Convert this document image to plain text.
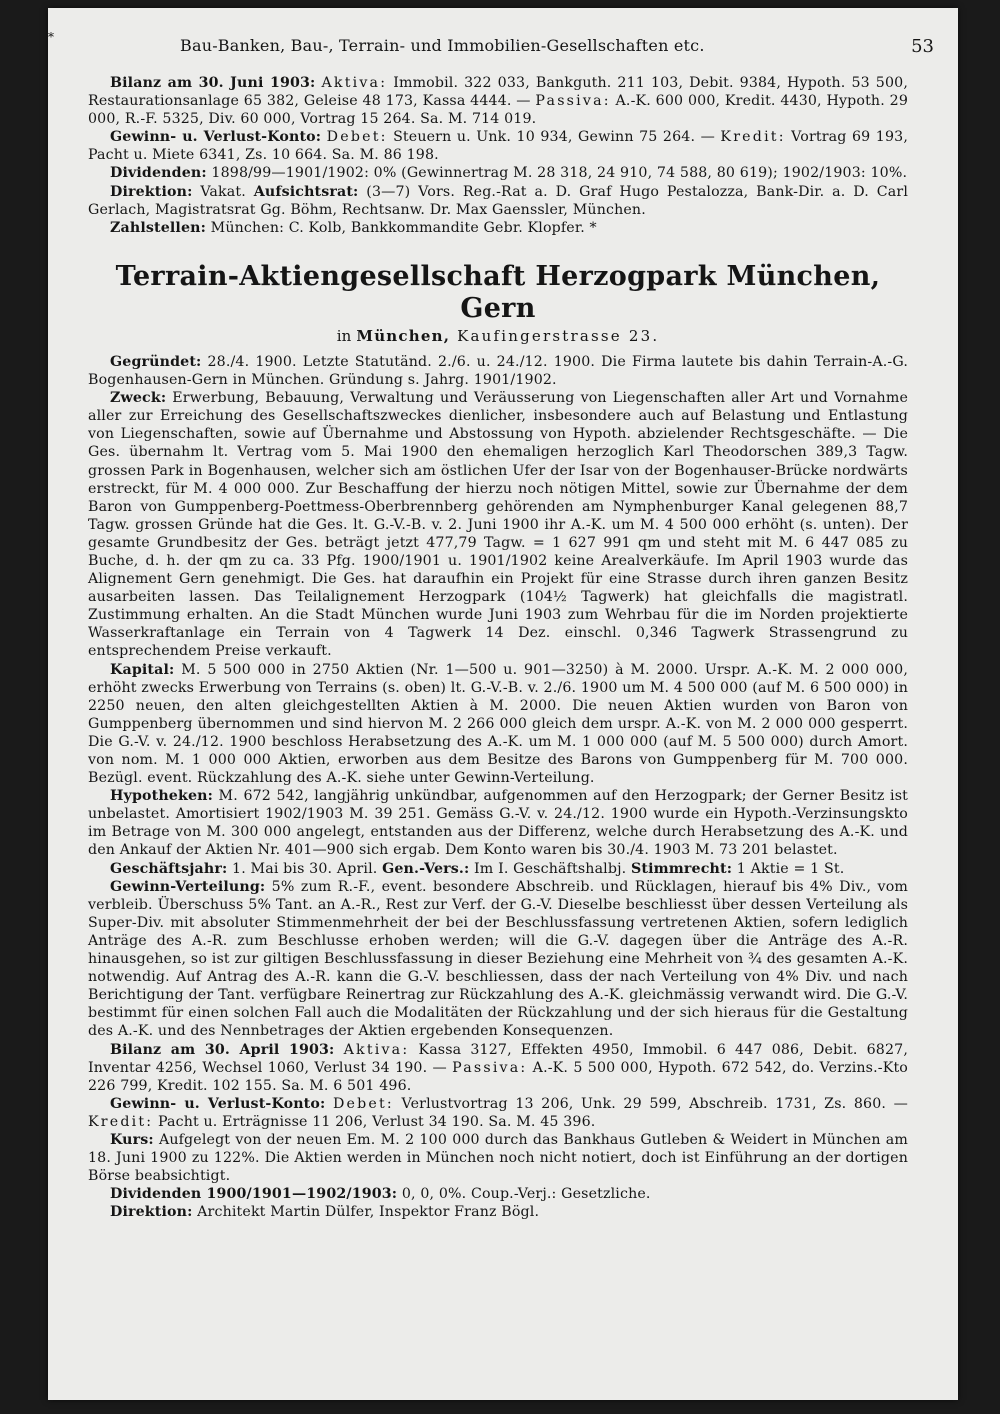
*	Bau-Banken, Bau-, Terrain- und Immobilien-Gesellschaften etc.	53

Bilanz am 30. Juni 1903: Aktiva: Immobil. 322 033, Bankguth. 211 103, Debit. 9384, Hypoth. 53 500, Restaurationsanlage 65 382, Geleise 48 173, Kassa 4444. — Passiva: A.-K. 600 000, Kredit. 4430, Hypoth. 29 000, R.-F. 5325, Div. 60 000, Vortrag 15 264. Sa. M. 714 019.

Gewinn- u. Verlust-Konto: Debet: Steuern u. Unk. 10 934, Gewinn 75 264. — Kredit: Vortrag 69 193, Pacht u. Miete 6341, Zs. 10 664. Sa. M. 86 198.

Dividenden: 1898/99—1901/1902: 0% (Gewinnertrag M. 28 318, 24 910, 74 588, 80 619); 1902/1903: 10%.

Direktion: Vakat. Aufsichtsrat: (3—7) Vors. Reg.-Rat a. D. Graf Hugo Pestalozza, Bank-Dir. a. D. Carl Gerlach, Magistratsrat Gg. Böhm, Rechtsanw. Dr. Max Gaenssler, München.

Zahlstellen: München: C. Kolb, Bankkommandite Gebr. Klopfer. *

Terrain-Aktiengesellschaft Herzogpark München, Gern
in München, Kaufingerstrasse 23.

Gegründet: 28./4. 1900. Letzte Statutänd. 2./6. u. 24./12. 1900. Die Firma lautete bis dahin Terrain-A.-G. Bogenhausen-Gern in München. Gründung s. Jahrg. 1901/1902.

Zweck: Erwerbung, Bebauung, Verwaltung und Veräusserung von Liegenschaften aller Art und Vornahme aller zur Erreichung des Gesellschaftszweckes dienlicher, insbesondere auch auf Belastung und Entlastung von Liegenschaften, sowie auf Übernahme und Abstossung von Hypoth. abzielender Rechtsgeschäfte. — Die Ges. übernahm lt. Vertrag vom 5. Mai 1900 den ehemaligen herzoglich Karl Theodorschen 389,3 Tagw. grossen Park in Bogenhausen, welcher sich am östlichen Ufer der Isar von der Bogenhauser-Brücke nordwärts erstreckt, für M. 4 000 000. Zur Beschaffung der hierzu noch nötigen Mittel, sowie zur Übernahme der dem Baron von Gumppenberg-Poettmess-Oberbrennberg gehörenden am Nymphenburger Kanal gelegenen 88,7 Tagw. grossen Gründe hat die Ges. lt. G.-V.-B. v. 2. Juni 1900 ihr A.-K. um M. 4 500 000 erhöht (s. unten). Der gesamte Grundbesitz der Ges. beträgt jetzt 477,79 Tagw. = 1 627 991 qm und steht mit M. 6 447 085 zu Buche, d. h. der qm zu ca. 33 Pfg. 1900/1901 u. 1901/1902 keine Arealverkäufe. Im April 1903 wurde das Alignement Gern genehmigt. Die Ges. hat daraufhin ein Projekt für eine Strasse durch ihren ganzen Besitz ausarbeiten lassen. Das Teilalignement Herzogpark (104½ Tagwerk) hat gleichfalls die magistratl. Zustimmung erhalten. An die Stadt München wurde Juni 1903 zum Wehrbau für die im Norden projektierte Wasserkraftanlage ein Terrain von 4 Tagwerk 14 Dez. einschl. 0,346 Tagwerk Strassengrund zu entsprechendem Preise verkauft.

Kapital: M. 5 500 000 in 2750 Aktien (Nr. 1—500 u. 901—3250) à M. 2000. Urspr. A.-K. M. 2 000 000, erhöht zwecks Erwerbung von Terrains (s. oben) lt. G.-V.-B. v. 2./6. 1900 um M. 4 500 000 (auf M. 6 500 000) in 2250 neuen, den alten gleichgestellten Aktien à M. 2000. Die neuen Aktien wurden von Baron von Gumppenberg übernommen und sind hiervon M. 2 266 000 gleich dem urspr. A.-K. von M. 2 000 000 gesperrt. Die G.-V. v. 24./12. 1900 beschloss Herabsetzung des A.-K. um M. 1 000 000 (auf M. 5 500 000) durch Amort. von nom. M. 1 000 000 Aktien, erworben aus dem Besitze des Barons von Gumppenberg für M. 700 000. Bezügl. event. Rückzahlung des A.-K. siehe unter Gewinn-Verteilung.

Hypotheken: M. 672 542, langjährig unkündbar, aufgenommen auf den Herzogpark; der Gerner Besitz ist unbelastet. Amortisiert 1902/1903 M. 39 251. Gemäss G.-V. v. 24./12. 1900 wurde ein Hypoth.-Verzinsungskto im Betrage von M. 300 000 angelegt, entstanden aus der Differenz, welche durch Herabsetzung des A.-K. und den Ankauf der Aktien Nr. 401—900 sich ergab. Dem Konto waren bis 30./4. 1903 M. 73 201 belastet.

Geschäftsjahr: 1. Mai bis 30. April. Gen.-Vers.: Im I. Geschäftshalbj. Stimmrecht: 1 Aktie = 1 St.

Gewinn-Verteilung: 5% zum R.-F., event. besondere Abschreib. und Rücklagen, hierauf bis 4% Div., vom verbleib. Überschuss 5% Tant. an A.-R., Rest zur Verf. der G.-V. Dieselbe beschliesst über dessen Verteilung als Super-Div. mit absoluter Stimmenmehrheit der bei der Beschlussfassung vertretenen Aktien, sofern lediglich Anträge des A.-R. zum Beschlusse erhoben werden; will die G.-V. dagegen über die Anträge des A.-R. hinausgehen, so ist zur giltigen Beschlussfassung in dieser Beziehung eine Mehrheit von ¾ des gesamten A.-K. notwendig. Auf Antrag des A.-R. kann die G.-V. beschliessen, dass der nach Verteilung von 4% Div. und nach Berichtigung der Tant. verfügbare Reinertrag zur Rückzahlung des A.-K. gleichmässig verwandt wird. Die G.-V. bestimmt für einen solchen Fall auch die Modalitäten der Rückzahlung und der sich hieraus für die Gestaltung des A.-K. und des Nennbetrages der Aktien ergebenden Konsequenzen.

Bilanz am 30. April 1903: Aktiva: Kassa 3127, Effekten 4950, Immobil. 6 447 086, Debit. 6827, Inventar 4256, Wechsel 1060, Verlust 34 190. — Passiva: A.-K. 5 500 000, Hypoth. 672 542, do. Verzins.-Kto 226 799, Kredit. 102 155. Sa. M. 6 501 496.

Gewinn- u. Verlust-Konto: Debet: Verlustvortrag 13 206, Unk. 29 599, Abschreib. 1731, Zs. 860. — Kredit: Pacht u. Erträgnisse 11 206, Verlust 34 190. Sa. M. 45 396.

Kurs: Aufgelegt von der neuen Em. M. 2 100 000 durch das Bankhaus Gutleben & Weidert in München am 18. Juni 1900 zu 122%. Die Aktien werden in München noch nicht notiert, doch ist Einführung an der dortigen Börse beabsichtigt.

Dividenden 1900/1901—1902/1903: 0, 0, 0%. Coup.-Verj.: Gesetzliche.

Direktion: Architekt Martin Dülfer, Inspektor Franz Bögl.
